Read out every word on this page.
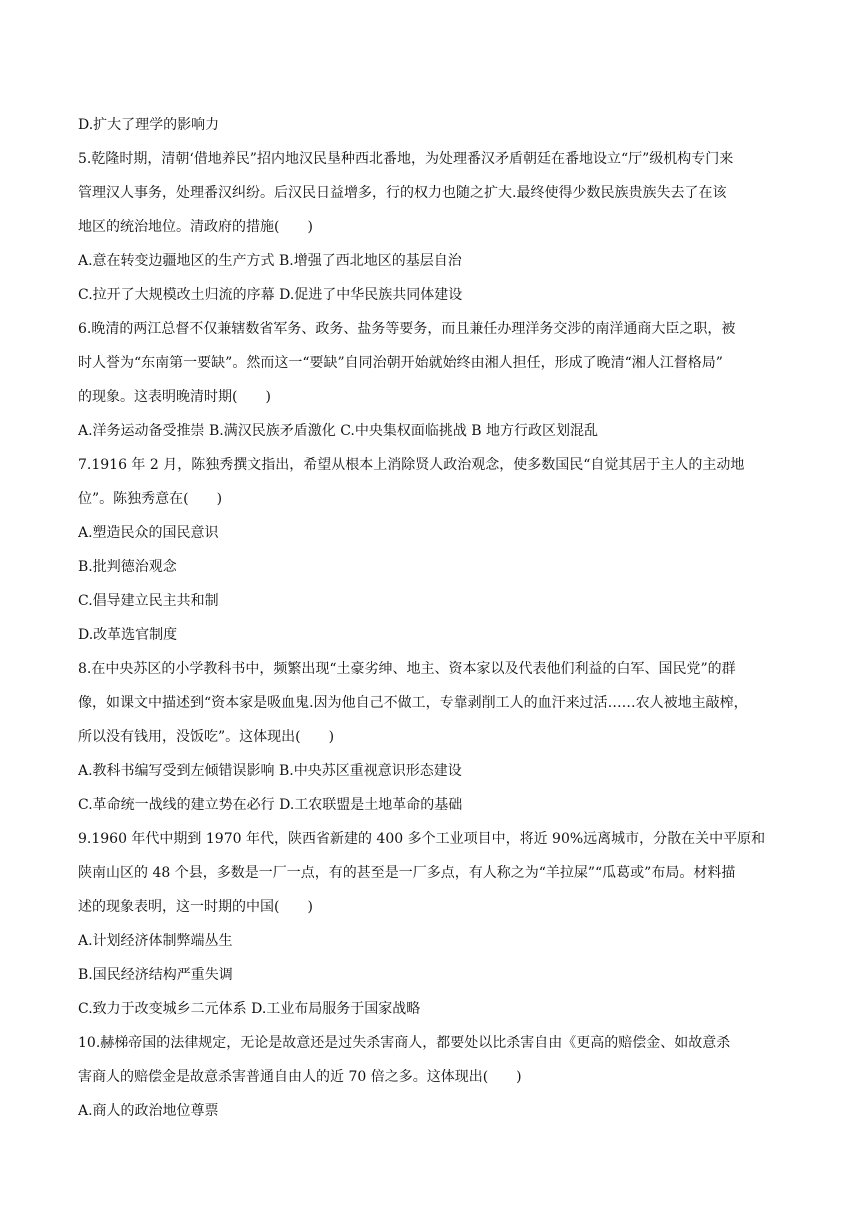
D.扩大了理学的影响力
5.乾隆时期，清朝‘借地养民”招内地汉民垦种西北番地，为处理番汉矛盾朝廷在番地设立“厅”级机构专门来
管理汉人事务，处理番汉纠纷。后汉民日益增多，行的权力也随之扩大.最终使得少数民族贵族失去了在该
地区的统治地位。清政府的措施(　　)
A.意在转变边疆地区的生产方式 B.增强了西北地区的基层自治
C.拉开了大规模改土归流的序幕 D.促进了中华民族共同体建设
6.晚清的两江总督不仅兼辖数省军务、政务、盐务等要务，而且兼任办理洋务交涉的南洋通商大臣之职，被
时人誉为“东南第一要缺”。然而这一“要缺”自同治朝开始就始终由湘人担任，形成了晚清“湘人江督格局”
的现象。这表明晚清时期(　　)
A.洋务运动备受推崇 B.满汉民族矛盾激化 C.中央集权面临挑战 B 地方行政区划混乱
7.1916 年 2 月，陈独秀撰文指出，希望从根本上消除贤人政治观念，使多数国民“自觉其居于主人的主动地
位”。陈独秀意在(　　)
A.塑造民众的国民意识
B.批判德治观念
C.倡导建立民主共和制
D.改革选官制度
8.在中央苏区的小学教科书中，频繁出现“土豪劣绅、地主、资本家以及代表他们利益的白军、国民党”的群
像，如课文中描述到“资本家是吸血鬼.因为他自己不做工，专靠剥削工人的血汗来过活……农人被地主敲榨，
所以没有钱用，没饭吃”。这体现出(　　)
A.教科书编写受到左倾错误影响 B.中央苏区重视意识形态建设
C.革命统一战线的建立势在必行 D.工农联盟是土地革命的基础
9.1960 年代中期到 1970 年代，陕西省新建的 400 多个工业项目中，将近 90%远离城市，分散在关中平原和
陕南山区的 48 个县，多数是一厂一点，有的甚至是一厂多点，有人称之为“羊拉屎”“瓜葛或”布局。材料描
述的现象表明，这一时期的中国(　　)
A.计划经济体制弊端丛生
B.国民经济结构严重失调
C.致力于改变城乡二元体系 D.工业布局服务于国家战略
10.赫梯帝国的法律规定，无论是故意还是过失杀害商人，都要处以比杀害自由《更高的赔偿金、如故意杀
害商人的赔偿金是故意杀害普通自由人的近 70 倍之多。这体现出(　　)
A.商人的政治地位尊票
